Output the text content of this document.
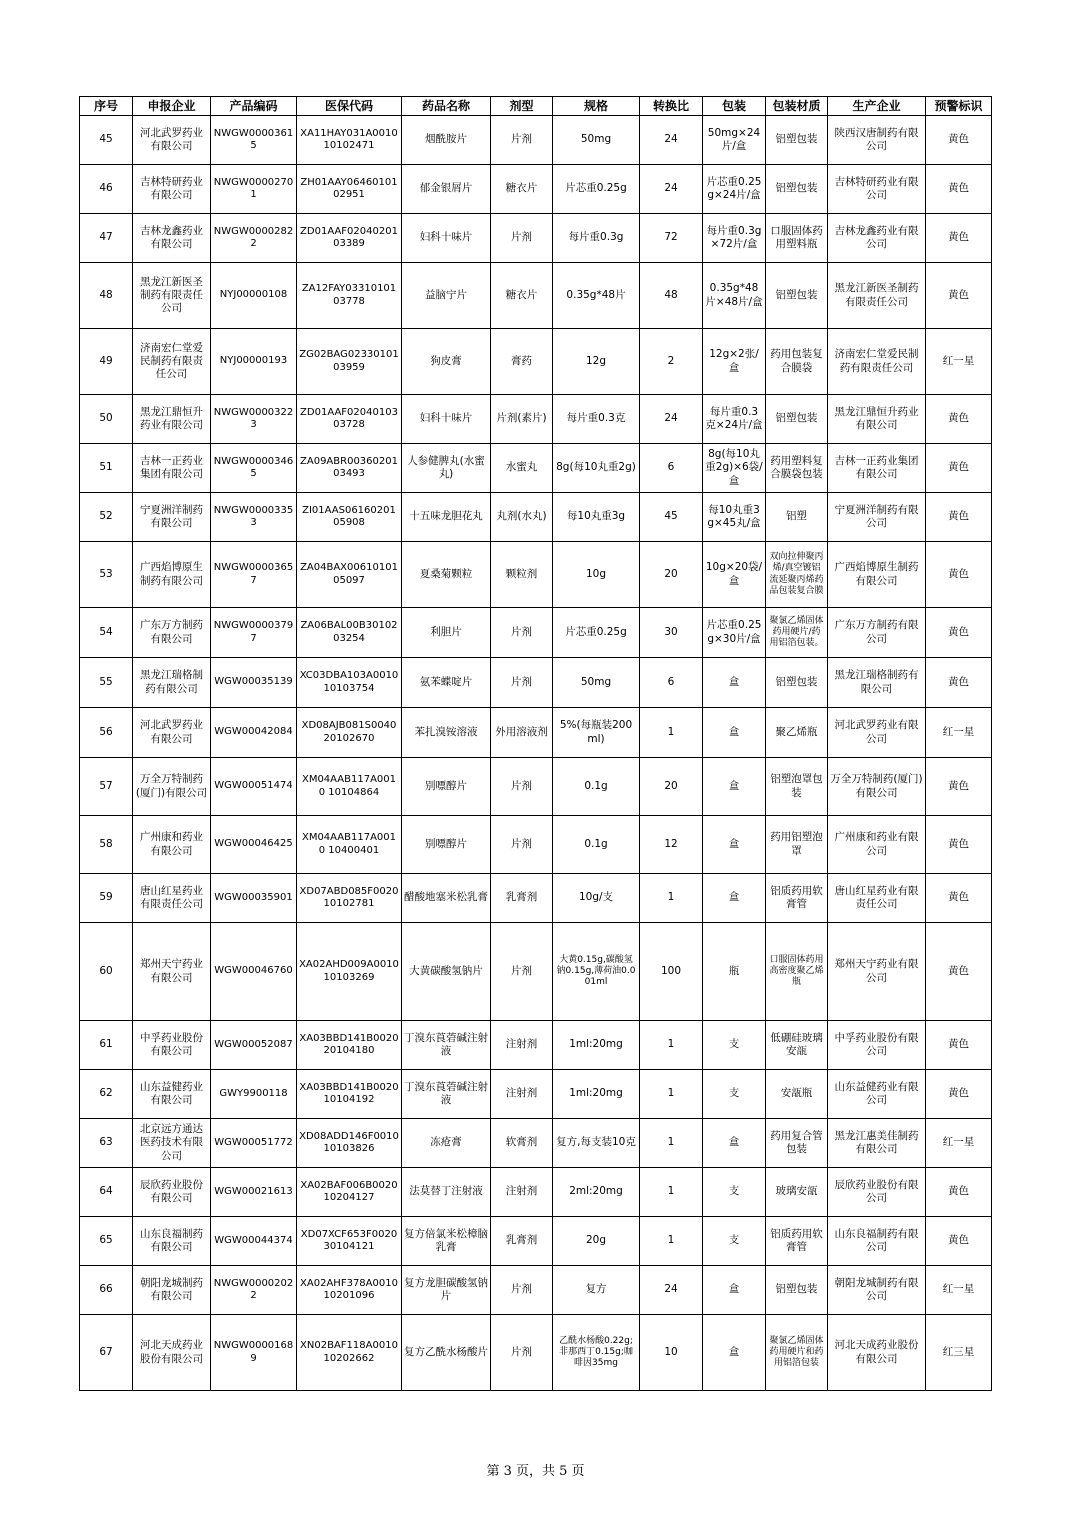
序号	申报企业	产品编码	医保代码	药品名称	剂型	规格	转换比	包装	包装材质	生产企业	预警标识
45	河北武罗药业有限公司	NWGW00003615	XA11HAY031A0010 10102471	烟酰胺片	片剂	50mg	24	50mg×24片/盒	铝塑包装	陕西汉唐制药有限公司	黄色
46	吉林特研药业有限公司	NWGW00002701	ZH01AAY06460101 02951	郁金银屑片	糖衣片	片芯重0.25g	24	片芯重0.25g×24片/盒	铝塑包装	吉林特研药业有限公司	黄色
47	吉林龙鑫药业有限公司	NWGW00002822	ZD01AAF02040201 03389	妇科十味片	片剂	每片重0.3g	72	每片重0.3g×72片/盒	口服固体药用塑料瓶	吉林龙鑫药业有限公司	黄色
48	黑龙江新医圣制药有限责任公司	NYJ00000108	ZA12FAY03310101 03778	益脑宁片	糖衣片	0.35g*48片	48	0.35g*48片×48片/盒	铝塑包装	黑龙江新医圣制药有限责任公司	黄色
49	济南宏仁堂爱民制药有限责任公司	NYJ00000193	ZG02BAG02330101 03959	狗皮膏	膏药	12g	2	12g×2张/盒	药用包装复合膜袋	济南宏仁堂爱民制药有限责任公司	红一星
50	黑龙江鼎恒升药业有限公司	NWGW00003223	ZD01AAF02040103 03728	妇科十味片	片剂(素片)	每片重0.3克	24	每片重0.3克×24片/盒	铝塑包装	黑龙江鼎恒升药业有限公司	黄色
51	吉林一正药业集团有限公司	NWGW00003465	ZA09ABR00360201 03493	人参健脾丸(水蜜丸)	水蜜丸	8g(每10丸重2g)	6	8g(每10丸重2g)×6袋/盒	药用塑料复合膜袋包装	吉林一正药业集团有限公司	黄色
52	宁夏洲洋制药有限公司	NWGW00003353	ZI01AAS06160201 05908	十五味龙胆花丸	丸剂(水丸)	每10丸重3g	45	每10丸重3g×45丸/盒	铝塑	宁夏洲洋制药有限公司	黄色
53	广西焰博原生制药有限公司	NWGW00003657	ZA04BAX00610101 05097	夏桑菊颗粒	颗粒剂	10g	20	10g×20袋/盒	双向拉伸聚丙烯/真空镀铝流延聚丙烯药品包装复合膜	广西焰博原生制药有限公司	黄色
54	广东万方制药有限公司	NWGW00003797	ZA06BAL00B30102 03254	利胆片	片剂	片芯重0.25g	30	片芯重0.25g×30片/盒	聚氯乙烯固体药用硬片/药用铝箔包装。	广东万方制药有限公司	黄色
55	黑龙江瑞格制药有限公司	WGW00035139	XC03DBA103A0010 10103754	氨苯蝶啶片	片剂	50mg	6	盒	铝塑包装	黑龙江瑞格制药有限公司	黄色
56	河北武罗药业有限公司	WGW00042084	XD08AJB081S0040 20102670	苯扎溴铵溶液	外用溶液剂	5%(每瓶装200ml)	1	盒	聚乙烯瓶	河北武罗药业有限公司	红一星
57	万全万特制药(厦门)有限公司	WGW00051474	XM04AAB117A0010 10104864	别嘌醇片	片剂	0.1g	20	盒	铝塑泡罩包装	万全万特制药(厦门)有限公司	黄色
58	广州康和药业有限公司	WGW00046425	XM04AAB117A0010 10400401	别嘌醇片	片剂	0.1g	12	盒	药用铝塑泡罩	广州康和药业有限公司	黄色
59	唐山红星药业有限责任公司	WGW00035901	XD07ABD085F0020 10102781	醋酸地塞米松乳膏	乳膏剂	10g/支	1	盒	铝质药用软膏管	唐山红星药业有限责任公司	黄色
60	郑州天宁药业有限公司	WGW00046760	XA02AHD009A0010 10103269	大黄碳酸氢钠片	片剂	大黄0.15g,碳酸氢钠0.15g,薄荷油0.001ml	100	瓶	口服固体药用高密度聚乙烯瓶	郑州天宁药业有限公司	黄色
61	中孚药业股份有限公司	WGW00052087	XA03BBD141B0020 20104180	丁溴东莨菪碱注射液	注射剂	1ml:20mg	1	支	低硼硅玻璃安瓿	中孚药业股份有限公司	黄色
62	山东益健药业有限公司	GWY9900118	XA03BBD141B0020 10104192	丁溴东莨菪碱注射液	注射剂	1ml:20mg	1	支	安瓿瓶	山东益健药业有限公司	黄色
63	北京远方通达医药技术有限公司	WGW00051772	XD08ADD146F0010 10103826	冻疮膏	软膏剂	复方,每支装10克	1	盒	药用复合管包装	黑龙江惠美佳制药有限公司	红一星
64	辰欣药业股份有限公司	WGW00021613	XA02BAF006B0020 10204127	法莫替丁注射液	注射剂	2ml:20mg	1	支	玻璃安瓿	辰欣药业股份有限公司	黄色
65	山东良福制药有限公司	WGW00044374	XD07XCF653F0020 30104121	复方倍氯米松樟脑乳膏	乳膏剂	20g	1	支	铝质药用软膏管	山东良福制药有限公司	黄色
66	朝阳龙城制药有限公司	NWGW00002022	XA02AHF378A0010 10201096	复方龙胆碳酸氢钠片	片剂	复方	24	盒	铝塑包装	朝阳龙城制药有限公司	红一星
67	河北天成药业股份有限公司	NWGW00001689	XN02BAF118A0010 10202662	复方乙酰水杨酸片	片剂	乙酰水杨酸0.22g;非那西丁0.15g;咖啡因35mg	10	盒	聚氯乙烯固体药用硬片和药用铝箔包装	河北天成药业股份有限公司	红三星
第 3 页，共 5 页
